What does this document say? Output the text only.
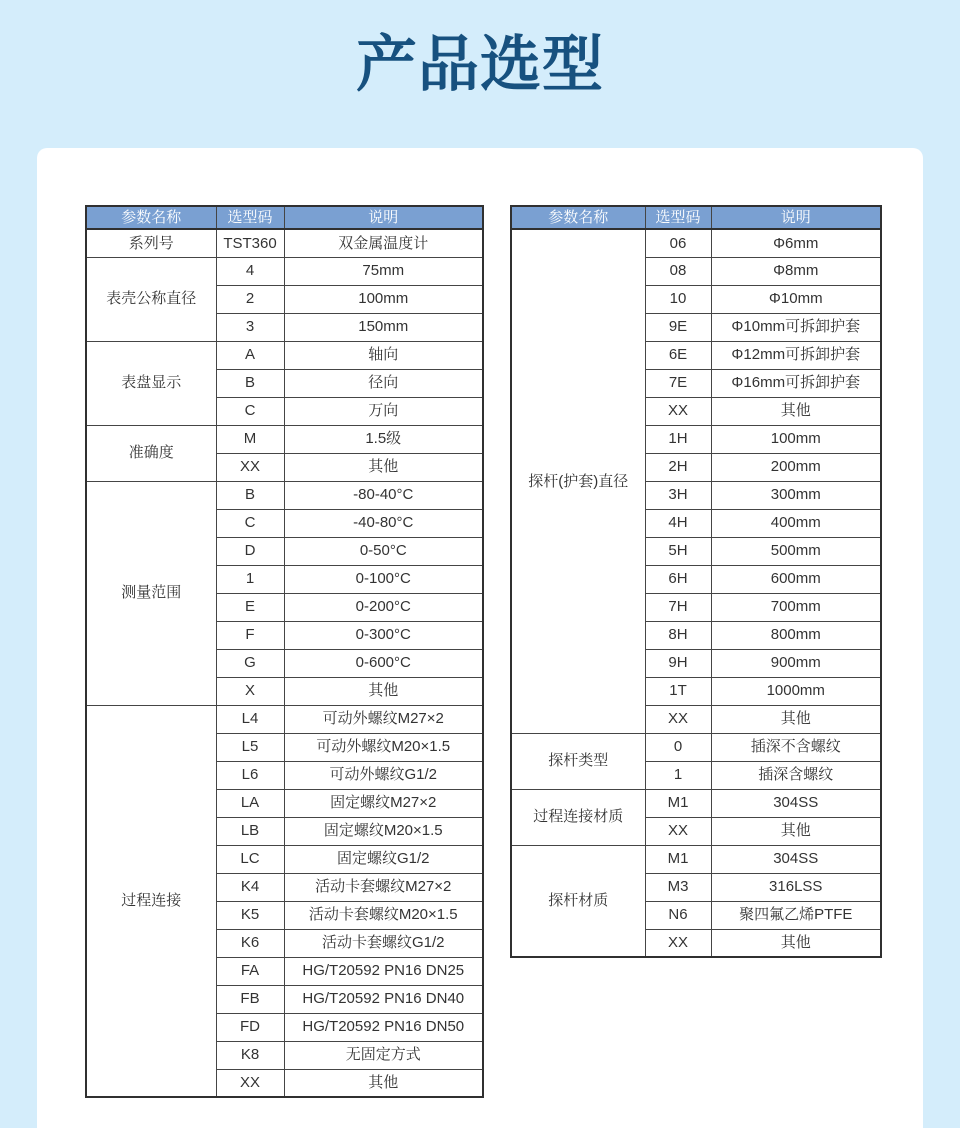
产品选型
参数名称	选型码	说明
系列号	TST360	双金属温度计
表壳公称直径	4	75mm
	2	100mm
	3	150mm
表盘显示	A	轴向
	B	径向
	C	万向
准确度	M	1.5级
	XX	其他
测量范围	B	-80-40°C
	C	-40-80°C
	D	0-50°C
	1	0-100°C
	E	0-200°C
	F	0-300°C
	G	0-600°C
	X	其他
过程连接	L4	可动外螺纹M27×2
	L5	可动外螺纹M20×1.5
	L6	可动外螺纹G1/2
	LA	固定螺纹M27×2
	LB	固定螺纹M20×1.5
	LC	固定螺纹G1/2
	K4	活动卡套螺纹M27×2
	K5	活动卡套螺纹M20×1.5
	K6	活动卡套螺纹G1/2
	FA	HG/T20592 PN16 DN25
	FB	HG/T20592 PN16 DN40
	FD	HG/T20592 PN16 DN50
	K8	无固定方式
	XX	其他
参数名称	选型码	说明
探杆(护套)直径	06	Φ6mm
	08	Φ8mm
	10	Φ10mm
	9E	Φ10mm可拆卸护套
	6E	Φ12mm可拆卸护套
	7E	Φ16mm可拆卸护套
	XX	其他
	1H	100mm
	2H	200mm
	3H	300mm
	4H	400mm
	5H	500mm
	6H	600mm
	7H	700mm
	8H	800mm
	9H	900mm
	1T	1000mm
	XX	其他
探杆类型	0	插深不含螺纹
	1	插深含螺纹
过程连接材质	M1	304SS
	XX	其他
探杆材质	M1	304SS
	M3	316LSS
	N6	聚四氟乙烯PTFE
	XX	其他
